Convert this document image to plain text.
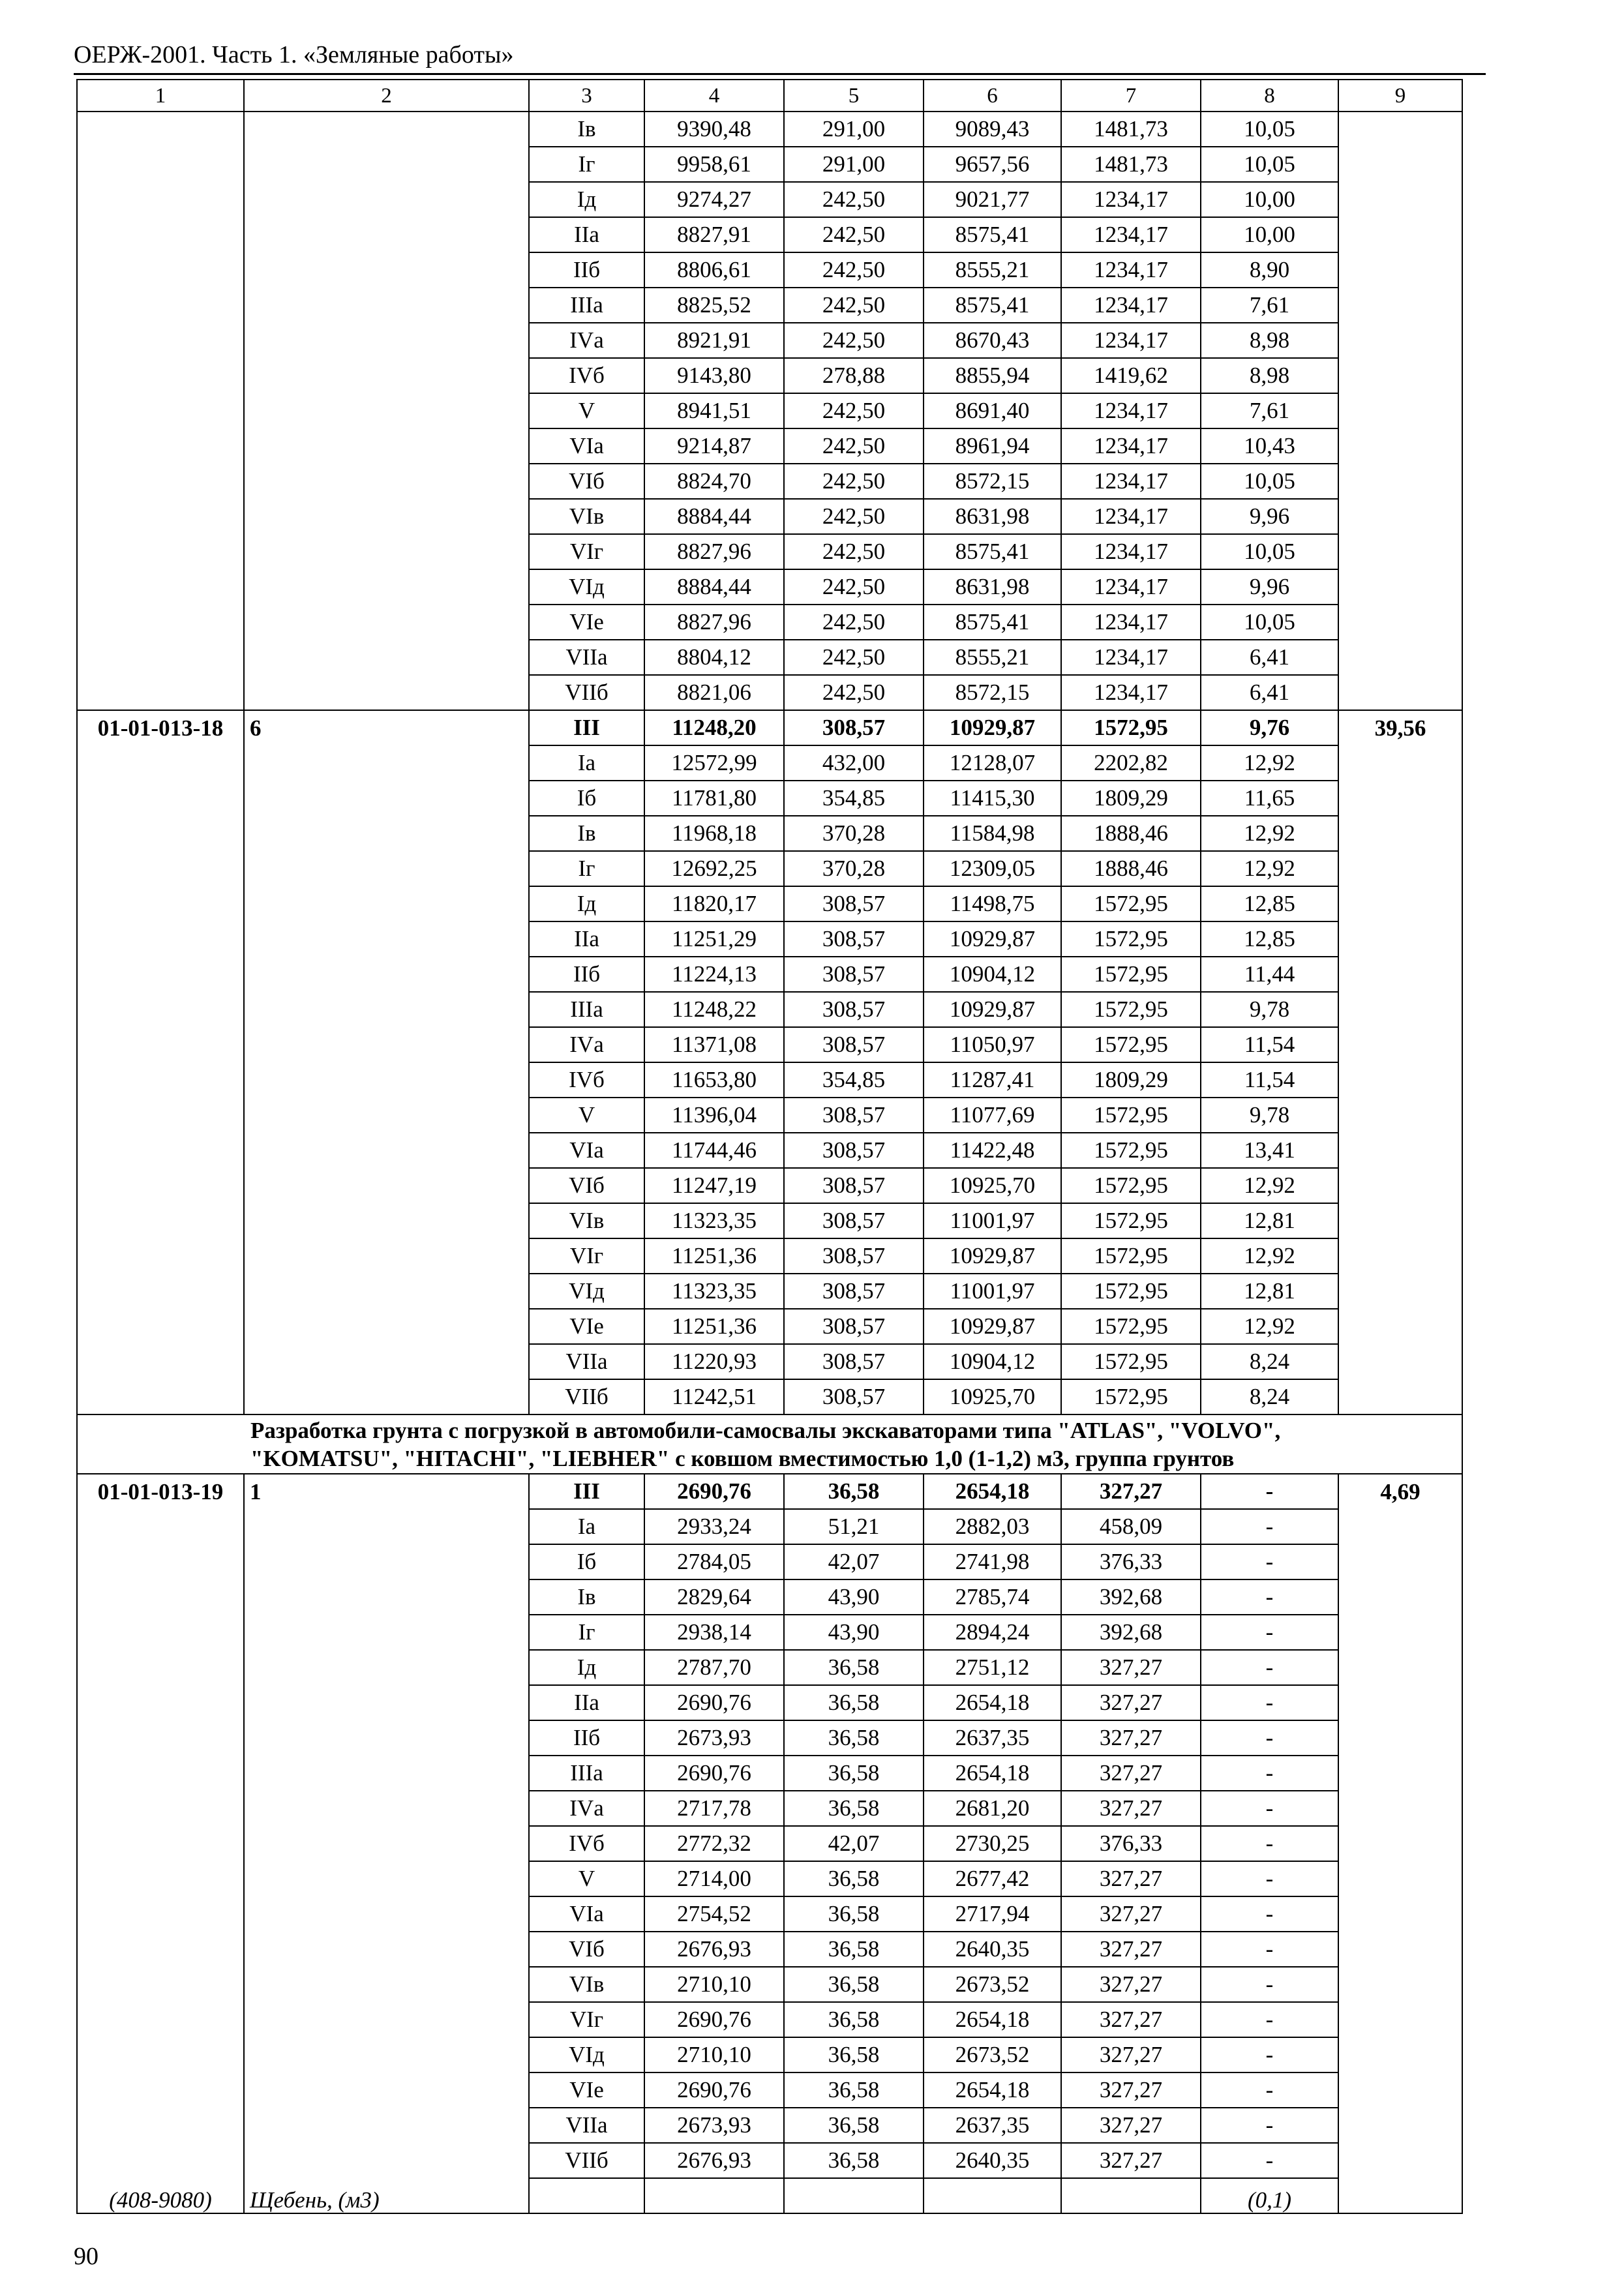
ОЕРЖ-2001. Часть 1. «Земляные работы»
1	2	3	4	5	6	7	8	9
		Iв	9390,48	291,00	9089,43	1481,73	10,05	
		Iг	9958,61	291,00	9657,56	1481,73	10,05	
		Iд	9274,27	242,50	9021,77	1234,17	10,00	
		IIа	8827,91	242,50	8575,41	1234,17	10,00	
		IIб	8806,61	242,50	8555,21	1234,17	8,90	
		IIIа	8825,52	242,50	8575,41	1234,17	7,61	
		IVа	8921,91	242,50	8670,43	1234,17	8,98	
		IVб	9143,80	278,88	8855,94	1419,62	8,98	
		V	8941,51	242,50	8691,40	1234,17	7,61	
		VIа	9214,87	242,50	8961,94	1234,17	10,43	
		VIб	8824,70	242,50	8572,15	1234,17	10,05	
		VIв	8884,44	242,50	8631,98	1234,17	9,96	
		VIг	8827,96	242,50	8575,41	1234,17	10,05	
		VIд	8884,44	242,50	8631,98	1234,17	9,96	
		VIе	8827,96	242,50	8575,41	1234,17	10,05	
		VIIа	8804,12	242,50	8555,21	1234,17	6,41	
		VIIб	8821,06	242,50	8572,15	1234,17	6,41	
01-01-013-18	6	III	11248,20	308,57	10929,87	1572,95	9,76	39,56
		Iа	12572,99	432,00	12128,07	2202,82	12,92	
		Iб	11781,80	354,85	11415,30	1809,29	11,65	
		Iв	11968,18	370,28	11584,98	1888,46	12,92	
		Iг	12692,25	370,28	12309,05	1888,46	12,92	
		Iд	11820,17	308,57	11498,75	1572,95	12,85	
		IIа	11251,29	308,57	10929,87	1572,95	12,85	
		IIб	11224,13	308,57	10904,12	1572,95	11,44	
		IIIа	11248,22	308,57	10929,87	1572,95	9,78	
		IVа	11371,08	308,57	11050,97	1572,95	11,54	
		IVб	11653,80	354,85	11287,41	1809,29	11,54	
		V	11396,04	308,57	11077,69	1572,95	9,78	
		VIа	11744,46	308,57	11422,48	1572,95	13,41	
		VIб	11247,19	308,57	10925,70	1572,95	12,92	
		VIв	11323,35	308,57	11001,97	1572,95	12,81	
		VIг	11251,36	308,57	10929,87	1572,95	12,92	
		VIд	11323,35	308,57	11001,97	1572,95	12,81	
		VIе	11251,36	308,57	10929,87	1572,95	12,92	
		VIIа	11220,93	308,57	10904,12	1572,95	8,24	
		VIIб	11242,51	308,57	10925,70	1572,95	8,24	

Разработка грунта с погрузкой в автомобили-самосвалы экскаваторами типа "ATLAS", "VOLVO",
"KOMATSU", "HITACHI", "LIEBHER" с ковшом вместимостью 1,0 (1-1,2) м3, группа грунтов								

01-01-013-19	1	III	2690,76	36,58	2654,18	327,27	-	4,69
		Iа	2933,24	51,21	2882,03	458,09	-	
		Iб	2784,05	42,07	2741,98	376,33	-	
		Iв	2829,64	43,90	2785,74	392,68	-	
		Iг	2938,14	43,90	2894,24	392,68	-	
		Iд	2787,70	36,58	2751,12	327,27	-	
		IIа	2690,76	36,58	2654,18	327,27	-	
		IIб	2673,93	36,58	2637,35	327,27	-	
		IIIа	2690,76	36,58	2654,18	327,27	-	
		IVа	2717,78	36,58	2681,20	327,27	-	
		IVб	2772,32	42,07	2730,25	376,33	-	
		V	2714,00	36,58	2677,42	327,27	-	
		VIа	2754,52	36,58	2717,94	327,27	-	
		VIб	2676,93	36,58	2640,35	327,27	-	
		VIв	2710,10	36,58	2673,52	327,27	-	
		VIг	2690,76	36,58	2654,18	327,27	-	
		VIд	2710,10	36,58	2673,52	327,27	-	
		VIе	2690,76	36,58	2654,18	327,27	-	
		VIIа	2673,93	36,58	2637,35	327,27	-	
		VIIб	2676,93	36,58	2640,35	327,27	-	
(408-9080)	Щебень, (м3)						(0,1)	
90
